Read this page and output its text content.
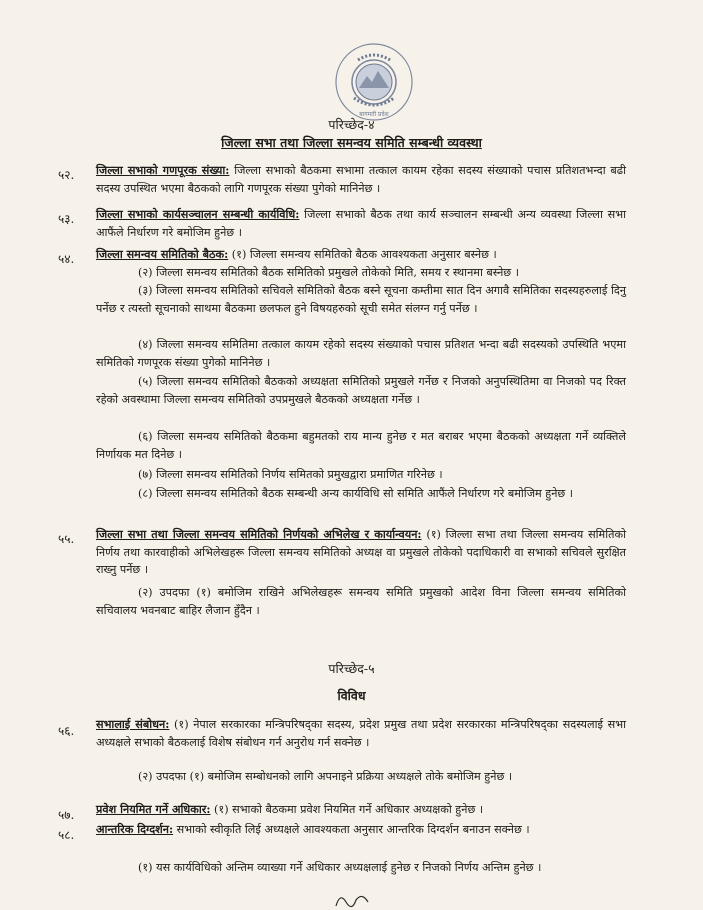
बागमती प्रदेश
परिच्छेद-४
जिल्ला सभा तथा जिल्ला समन्वय समिति सम्बन्धी व्यवस्था
५२. जिल्ला सभाको गणपूरक संख्या: जिल्ला सभाको बैठकमा सभामा तत्काल कायम रहेका सदस्य संख्याको पचास प्रतिशतभन्दा बढी सदस्य उपस्थित भएमा बैठकको लागि गणपूरक संख्या पुगेको मानिनेछ ।
५३. जिल्ला सभाको कार्यसञ्चालन सम्बन्धी कार्यविधि: जिल्ला सभाको बैठक तथा कार्य सञ्चालन सम्बन्धी अन्य व्यवस्था जिल्ला सभा आफैंले निर्धारण गरे बमोजिम हुनेछ ।
५४. जिल्ला समन्वय समितिको बैठक: (१) जिल्ला समन्वय समितिको बैठक आवश्यकता अनुसार बस्नेछ ।
(२) जिल्ला समन्वय समितिको बैठक समितिको प्रमुखले तोकेको मिति, समय र स्थानमा बस्नेछ ।
(३) जिल्ला समन्वय समितिको सचिवले समितिको बैठक बस्ने सूचना कम्तीमा सात दिन अगावै समितिका सदस्यहरुलाई दिनु पर्नेछ र त्यस्तो सूचनाको साथमा बैठकमा छलफल हुने विषयहरुको सूची समेत संलग्न गर्नु पर्नेछ ।
(४) जिल्ला समन्वय समितिमा तत्काल कायम रहेको सदस्य संख्याको पचास प्रतिशत भन्दा बढी सदस्यको उपस्थिति भएमा समितिको गणपूरक संख्या पुगेको मानिनेछ ।
(५) जिल्ला समन्वय समितिको बैठकको अध्यक्षता समितिको प्रमुखले गर्नेछ र निजको अनुपस्थितिमा वा निजको पद रिक्त रहेको अवस्थामा जिल्ला समन्वय समितिको उपप्रमुखले बैठकको अध्यक्षता गर्नेछ ।
(६) जिल्ला समन्वय समितिको बैठकमा बहुमतको राय मान्य हुनेछ र मत बराबर भएमा बैठकको अध्यक्षता गर्ने व्यक्तिले निर्णायक मत दिनेछ ।
(७) जिल्ला समन्वय समितिको निर्णय समितको प्रमुखद्वारा प्रमाणित गरिनेछ ।
(८) जिल्ला समन्वय समितिको बैठक सम्बन्धी अन्य कार्यविधि सो समिति आफैंले निर्धारण गरे बमोजिम हुनेछ ।
५५. जिल्ला सभा तथा जिल्ला समन्वय समितिको निर्णयको अभिलेख र कार्यान्वयन: (१) जिल्ला सभा तथा जिल्ला समन्वय समितिको निर्णय तथा कारवाहीको अभिलेखहरू जिल्ला समन्वय समितिको अध्यक्ष वा प्रमुखले तोकेको पदाधिकारी वा सभाको सचिवले सुरक्षित राख्नु पर्नेछ ।
(२) उपदफा (१) बमोजिम राखिने अभिलेखहरू समन्वय समिति प्रमुखको आदेश विना जिल्ला समन्वय समितिको सचिवालय भवनबाट बाहिर लैजान हुँदैन ।
परिच्छेद-५
विविध
५६. सभालाई संबोधन: (१) नेपाल सरकारका मन्त्रिपरिषद्का सदस्य, प्रदेश प्रमुख तथा प्रदेश सरकारका मन्त्रिपरिषद्का सदस्यलाई सभा अध्यक्षले सभाको बैठकलाई विशेष संबोधन गर्न अनुरोध गर्न सक्नेछ ।
(२) उपदफा (१) बमोजिम सम्बोधनको लागि अपनाइने प्रक्रिया अध्यक्षले तोके बमोजिम हुनेछ ।
५७. प्रवेश नियमित गर्ने अधिकार: (१) सभाको बैठकमा प्रवेश नियमित गर्ने अधिकार अध्यक्षको हुनेछ ।
५८. आन्तरिक दिग्दर्शन: सभाको स्वीकृति लिई अध्यक्षले आवश्यकता अनुसार आन्तरिक दिग्दर्शन बनाउन सक्नेछ ।
(१) यस कार्यविधिको अन्तिम व्याख्या गर्ने अधिकार अध्यक्षलाई हुनेछ र निजको निर्णय अन्तिम हुनेछ ।
